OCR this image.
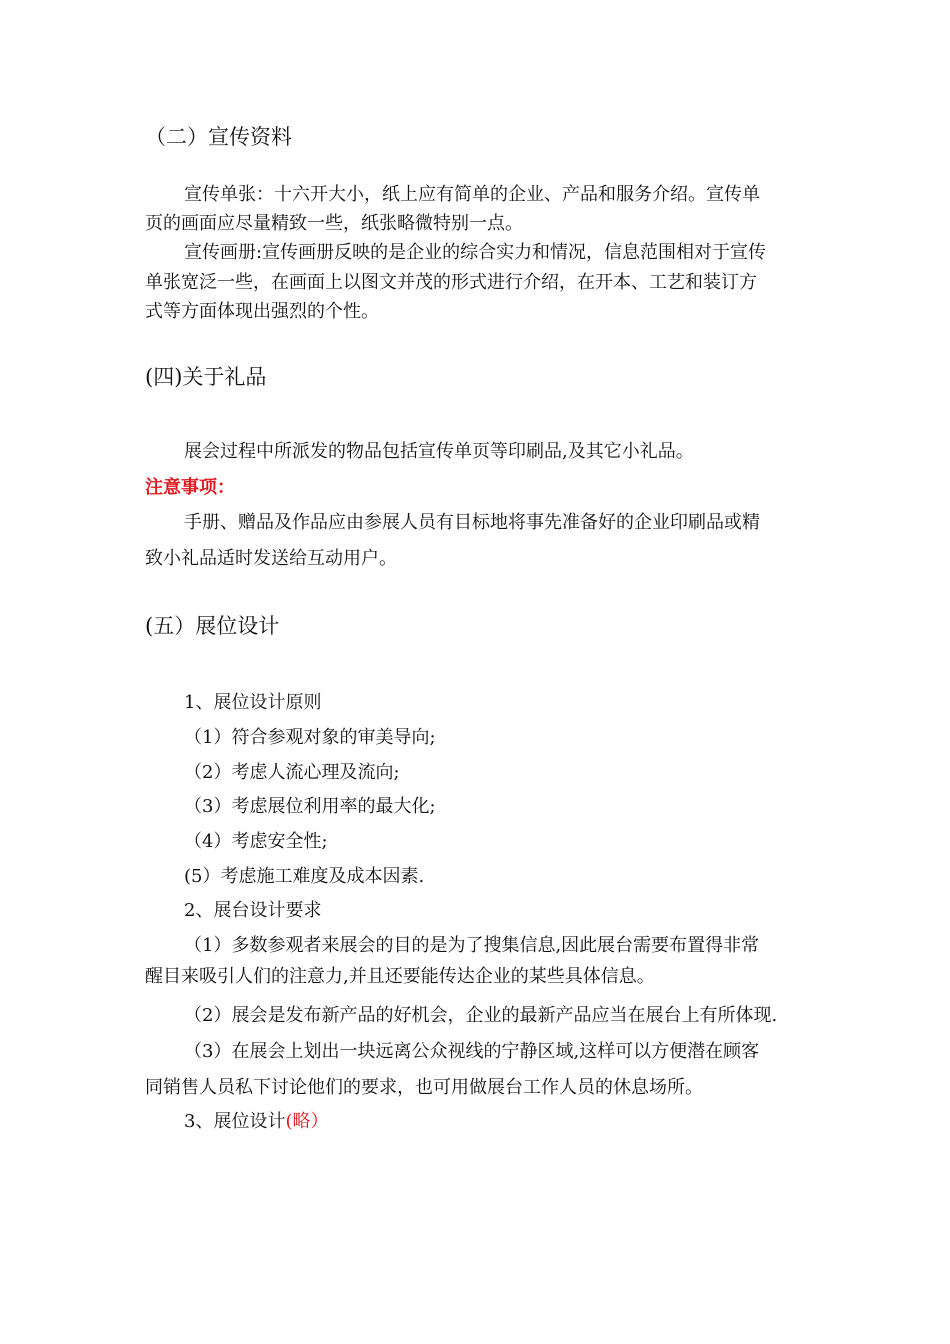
（二）宣传资料
宣传单张：十六开大小，纸上应有简单的企业、产品和服务介绍。宣传单
页的画面应尽量精致一些，纸张略微特别一点。
宣传画册:宣传画册反映的是企业的综合实力和情况，信息范围相对于宣传
单张宽泛一些，在画面上以图文并茂的形式进行介绍，在开本、工艺和装订方
式等方面体现出强烈的个性。
(四)关于礼品
展会过程中所派发的物品包括宣传单页等印刷品,及其它小礼品。
注意事项：
手册、赠品及作品应由参展人员有目标地将事先准备好的企业印刷品或精
致小礼品适时发送给互动用户。
(五）展位设计
1、展位设计原则
（1）符合参观对象的审美导向;
（2）考虑人流心理及流向;
（3）考虑展位利用率的最大化;
（4）考虑安全性;
(5）考虑施工难度及成本因素.
2、展台设计要求
（1）多数参观者来展会的目的是为了搜集信息,因此展台需要布置得非常
醒目来吸引人们的注意力,并且还要能传达企业的某些具体信息。
（2）展会是发布新产品的好机会，企业的最新产品应当在展台上有所体现.
（3）在展会上划出一块远离公众视线的宁静区域,这样可以方便潜在顾客
同销售人员私下讨论他们的要求，也可用做展台工作人员的休息场所。
3、展位设计(略）
